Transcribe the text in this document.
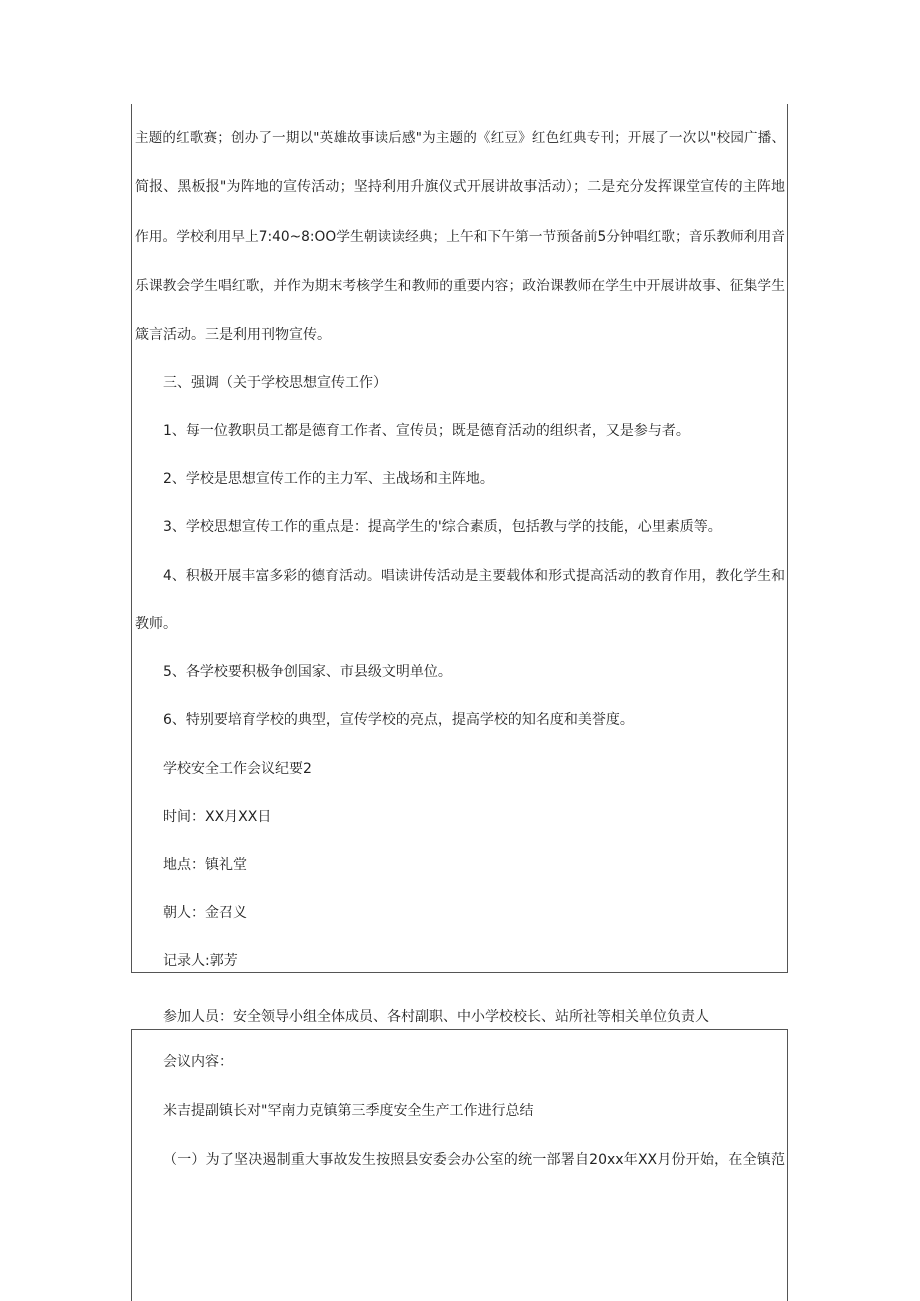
主题的红歌赛；创办了一期以"英雄故事读后感"为主题的《红豆》红色红典专刊；开展了一次以"校园广播、

简报、黑板报"为阵地的宣传活动；坚持利用升旗仪式开展讲故事活动）；二是充分发挥课堂宣传的主阵地

作用。学校利用早上7:40~8:OO学生朝读读经典；上午和下午第一节预备前5分钟唱红歌；音乐教师利用音

乐课教会学生唱红歌，并作为期末考核学生和教师的重要内容；政治课教师在学生中开展讲故事、征集学生

箴言活动。三是利用刊物宣传。

三、强调（关于学校思想宣传工作）

1、每一位教职员工都是德育工作者、宣传员；既是德育活动的组织者，又是参与者。

2、学校是思想宣传工作的主力军、主战场和主阵地。

3、学校思想宣传工作的重点是：提高学生的'综合素质，包括教与学的技能，心里素质等。

4、积极开展丰富多彩的德育活动。唱读讲传活动是主要载体和形式提高活动的教育作用，教化学生和

教师。

5、各学校要积极争创国家、市县级文明单位。

6、特别要培育学校的典型，宣传学校的亮点，提高学校的知名度和美誉度。

学校安全工作会议纪要2

时间：XX月XX日

地点：镇礼堂

朝人：金召义

记录人:郭芳

参加人员：安全领导小组全体成员、各村副职、中小学校校长、站所社等相关单位负责人

会议内容：

米吉提副镇长对"罕南力克镇第三季度安全生产工作进行总结

（一）为了坚决遏制重大事故发生按照县安委会办公室的统一部署自20xx年XX月份开始，在全镇范
